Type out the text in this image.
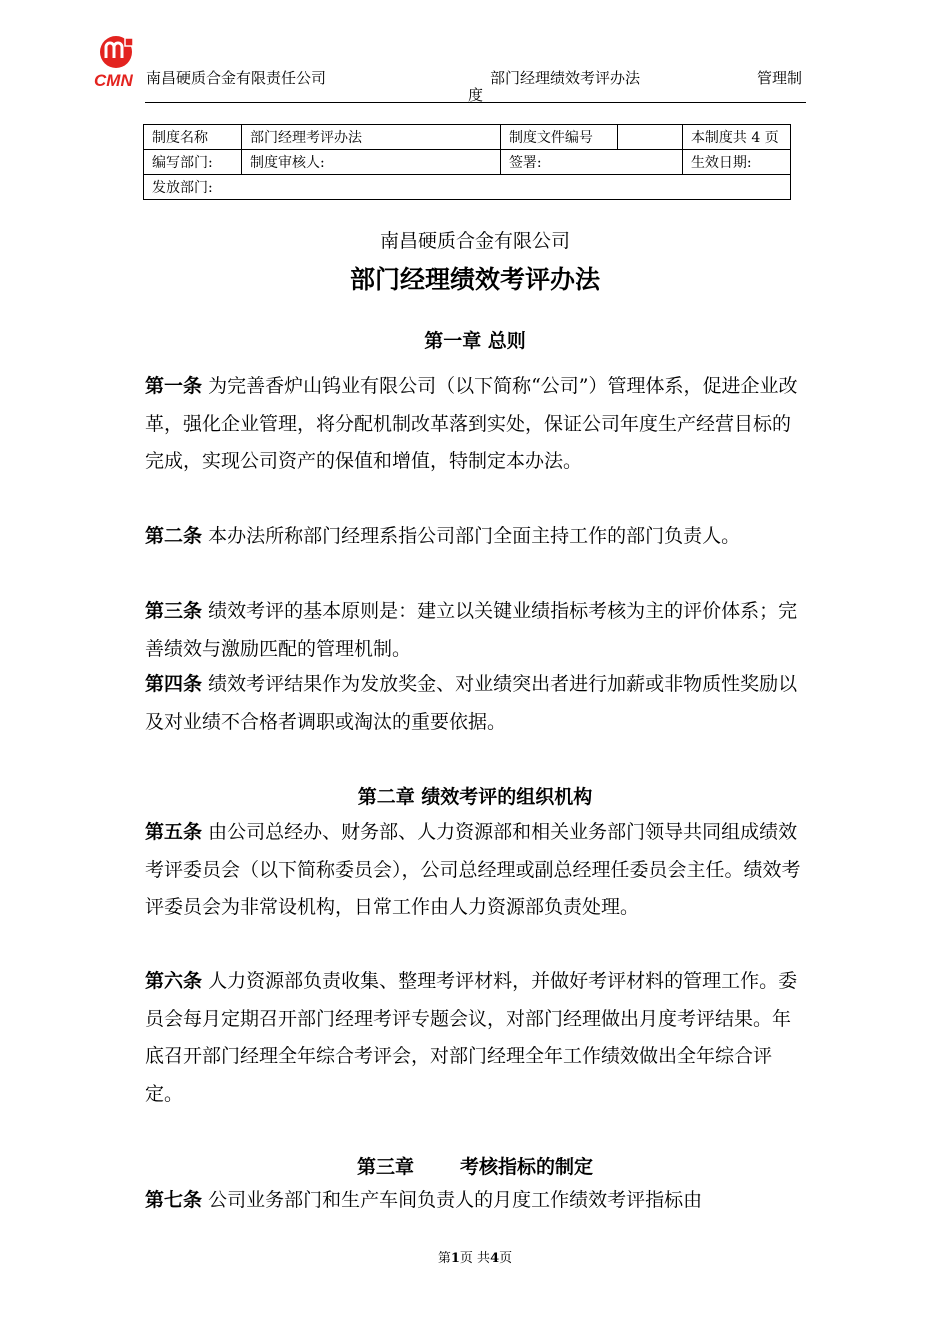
CMN 南昌硬质合金有限责任公司	部门经理绩效考评办法	管理制
度
制度名称	部门经理考评办法	制度文件编号		本制度共 4 页
编写部门:	制度审核人:	签署:		生效日期:
发放部门:				
南昌硬质合金有限公司
部门经理绩效考评办法
第一章 总则
第一条 为完善香炉山钨业有限公司（以下简称“公司”）管理体系，促进企业改革，强化企业管理，将分配机制改革落到实处，保证公司年度生产经营目标的完成，实现公司资产的保值和增值，特制定本办法。
第二条 本办法所称部门经理系指公司部门全面主持工作的部门负责人。
第三条 绩效考评的基本原则是：建立以关键业绩指标考核为主的评价体系；完善绩效与激励匹配的管理机制。
第四条 绩效考评结果作为发放奖金、对业绩突出者进行加薪或非物质性奖励以及对业绩不合格者调职或淘汰的重要依据。
第二章 绩效考评的组织机构
第五条 由公司总经办、财务部、人力资源部和相关业务部门领导共同组成绩效考评委员会（以下简称委员会），公司总经理或副总经理任委员会主任。绩效考评委员会为非常设机构，日常工作由人力资源部负责处理。
第六条 人力资源部负责收集、整理考评材料，并做好考评材料的管理工作。委员会每月定期召开部门经理考评专题会议，对部门经理做出月度考评结果。年底召开部门经理全年综合考评会，对部门经理全年工作绩效做出全年综合评定。
第三章 考核指标的制定
第七条 公司业务部门和生产车间负责人的月度工作绩效考评指标由
第1页 共4页
